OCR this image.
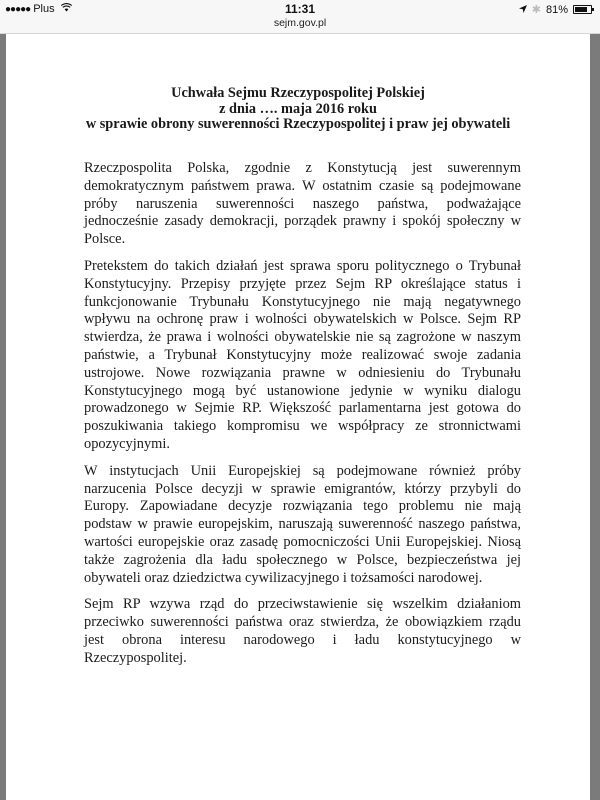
●●●●● Plus	11:31
sejm.gov.pl
✱ 81%
Uchwała Sejmu Rzeczypospolitej Polskiej
z dnia …. maja 2016 roku
w sprawie obrony suwerenności Rzeczypospolitej i praw jej obywateli

Rzeczpospolita Polska, zgodnie z Konstytucją jest suwerennym demokratycznym państwem prawa. W ostatnim czasie są podejmowane próby naruszenia suwerenności naszego państwa, podważające jednocześnie zasady demokracji, porządek prawny i spokój społeczny w Polsce.

Pretekstem do takich działań jest sprawa sporu politycznego o Trybunał Konstytucyjny. Przepisy przyjęte przez Sejm RP określające status i funkcjonowanie Trybunału Konstytucyjnego nie mają negatywnego wpływu na ochronę praw i wolności obywatelskich w Polsce. Sejm RP stwierdza, że prawa i wolności obywatelskie nie są zagrożone w naszym państwie, a Trybunał Konstytucyjny może realizować swoje zadania ustrojowe. Nowe rozwiązania prawne w odniesieniu do Trybunału Konstytucyjnego mogą być ustanowione jedynie w wyniku dialogu prowadzonego w Sejmie RP. Większość parlamentarna jest gotowa do poszukiwania takiego kompromisu we współpracy ze stronnictwami opozycyjnymi.

W instytucjach Unii Europejskiej są podejmowane również próby narzucenia Polsce decyzji w sprawie emigrantów, którzy przybyli do Europy. Zapowiadane decyzje rozwiązania tego problemu nie mają podstaw w prawie europejskim, naruszają suwerenność naszego państwa, wartości europejskie oraz zasadę pomocniczości Unii Europejskiej. Niosą także zagrożenia dla ładu społecznego w Polsce, bezpieczeństwa jej obywateli oraz dziedzictwa cywilizacyjnego i tożsamości narodowej.

Sejm RP wzywa rząd do przeciwstawienie się wszelkim działaniom przeciwko suwerenności państwa oraz stwierdza, że obowiązkiem rządu jest obrona interesu narodowego i ładu konstytucyjnego w Rzeczypospolitej.
